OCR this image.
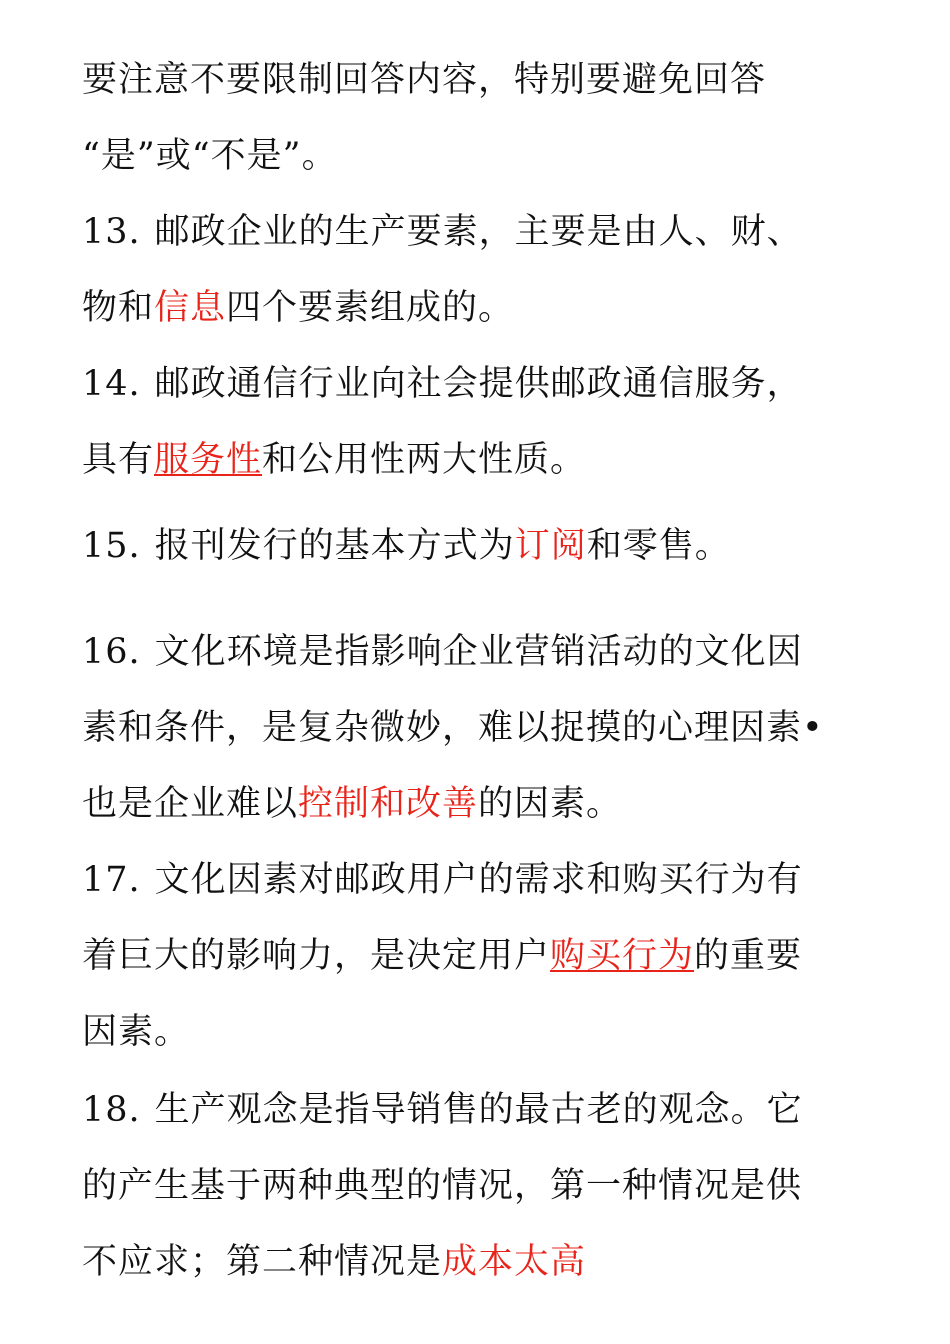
要注意不要限制回答内容，特别要避免回答
“是”或“不是”。
13. 邮政企业的生产要素，主要是由人、财、
物和信息四个要素组成的。
14. 邮政通信行业向社会提供邮政通信服务，
具有服务性和公用性两大性质。
15. 报刊发行的基本方式为订阅和零售。
16. 文化环境是指影响企业营销活动的文化因
素和条件，是复杂微妙，难以捉摸的心理因素•
也是企业难以控制和改善的因素。
17. 文化因素对邮政用户的需求和购买行为有
着巨大的影响力，是决定用户购买行为的重要
因素。
18. 生产观念是指导销售的最古老的观念。它
的产生基于两种典型的情况，第一种情况是供
不应求；第二种情况是成本太高
